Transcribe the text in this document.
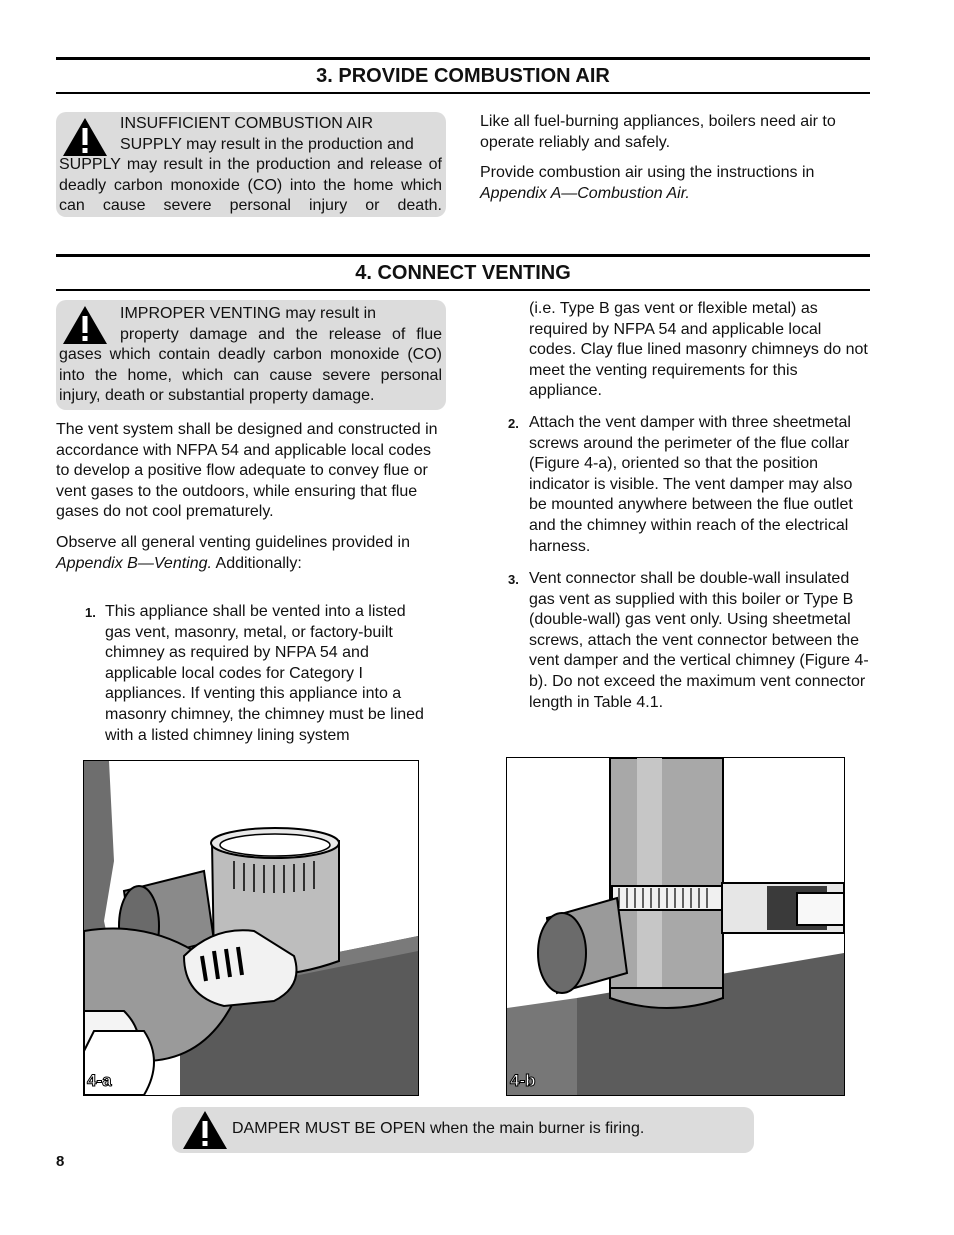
3. PROVIDE COMBUSTION AIR
INSUFFICIENT COMBUSTION AIR
SUPPLY may result in the production and
SUPPLY may result in the production and release of deadly carbon monoxide (CO) into the home which can cause severe personal injury or death.

Like all fuel-burning appliances, boilers need air to operate reliably and safely.

Provide combustion air using the instructions in
Appendix A—Combustion Air.

4. CONNECT VENTING
IMPROPER VENTING may result in
property damage and the release of flue gases which contain deadly carbon monoxide (CO) into the home, which can cause severe personal injury, death or substantial property damage.

The vent system shall be designed and constructed in accordance with NFPA 54 and applicable local codes to develop a positive flow adequate to convey flue or vent gases to the outdoors, while ensuring that flue gases do not cool prematurely.

Observe all general venting guidelines provided in
Appendix B—Venting. Additionally:

1. This appliance shall be vented into a listed gas vent, masonry, metal, or factory-built chimney as required by NFPA 54 and applicable local codes for Category I appliances. If venting this appliance into a masonry chimney, the chimney must be lined with a listed chimney lining system
(i.e. Type B gas vent or flexible metal) as required by NFPA 54 and applicable local codes. Clay flue lined masonry chimneys do not meet the venting requirements for this appliance.
2. Attach the vent damper with three sheetmetal screws around the perimeter of the flue collar (Figure 4-a), oriented so that the position indicator is visible. The vent damper may also be mounted anywhere between the flue outlet and the chimney within reach of the electrical harness.
3. Vent connector shall be double-wall insulated gas vent as supplied with this boiler or Type B (double-wall) gas vent only. Using sheetmetal screws, attach the vent connector between the vent damper and the vertical chimney (Figure 4-b). Do not exceed the maximum vent connector length in Table 4.1.
4-a	4-b
DAMPER MUST BE OPEN when the main burner is firing.
8
